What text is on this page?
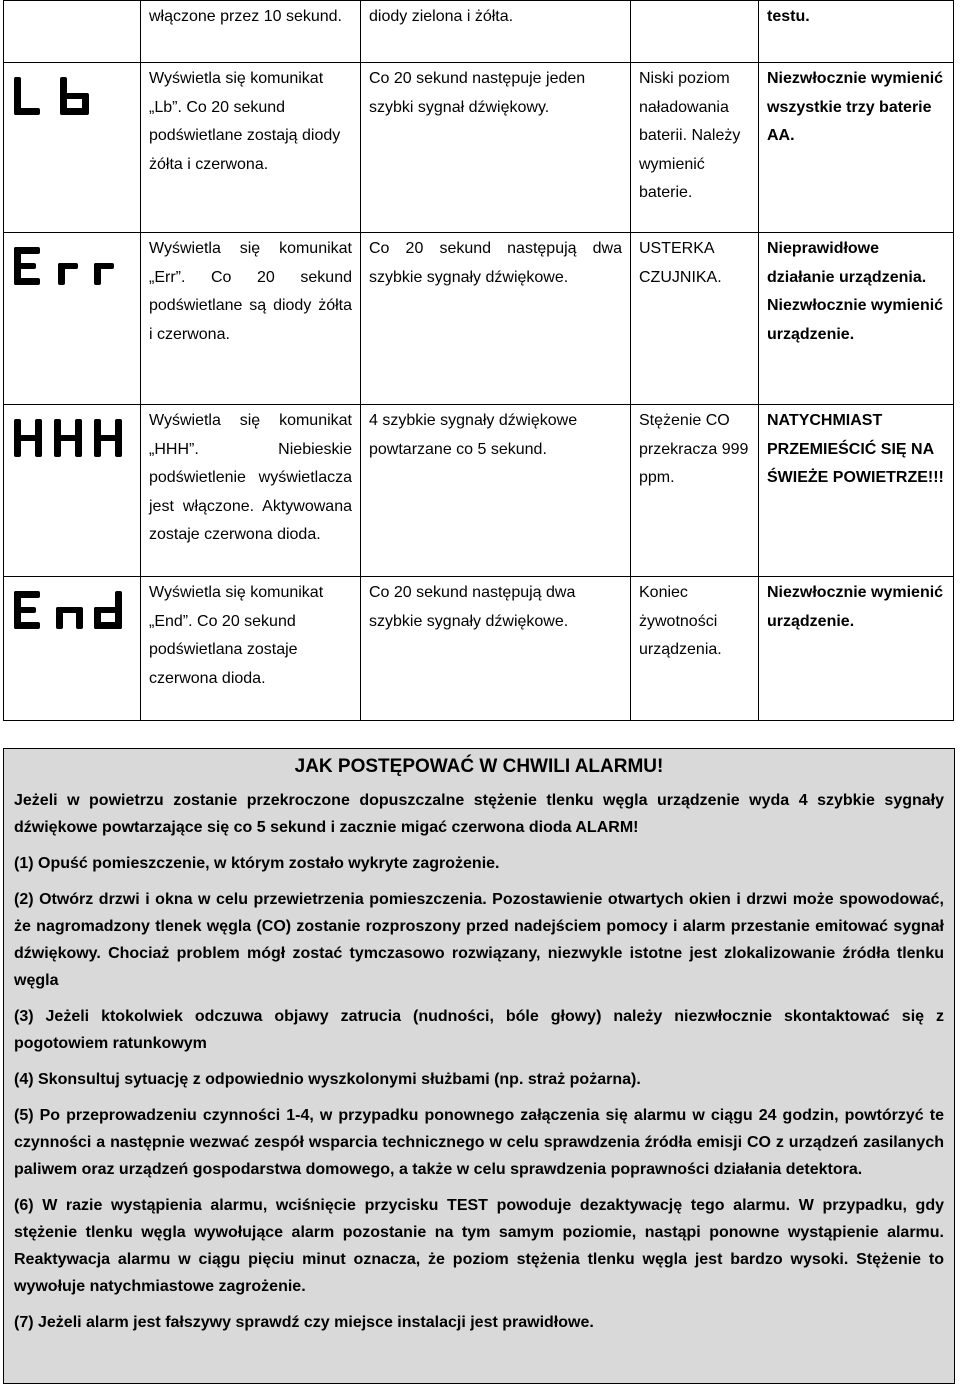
	włączone przez 10 sekund.	diody zielona i żółta.		testu.

	Wyświetla się komunikat „Lb”. Co 20 sekund podświetlane zostają diody żółta i czerwona.	Co 20 sekund następuje jeden szybki sygnał dźwiękowy.	Niski poziom naładowania baterii. Należy wymienić baterie.	Niezwłocznie wymienić wszystkie trzy baterie AA.

	Wyświetla się komunikat „Err”. Co 20 sekund podświetlane są diody żółta i czerwona.	Co 20 sekund następują dwa szybkie sygnały dźwiękowe.	USTERKA CZUJNIKA.	Nieprawidłowe działanie urządzenia. Niezwłocznie wymienić urządzenie.

	Wyświetla się komunikat „HHH”. Niebieskie podświetlenie wyświetlacza jest włączone. Aktywowana zostaje czerwona dioda.	4 szybkie sygnały dźwiękowe powtarzane co 5 sekund.	Stężenie CO przekracza 999 ppm.	NATYCHMIAST PRZEMIEŚCIĆ SIĘ NA ŚWIEŻE POWIETRZE!!!

	Wyświetla się komunikat „End”. Co 20 sekund podświetlana zostaje czerwona dioda.	Co 20 sekund następują dwa szybkie sygnały dźwiękowe.	Koniec żywotności urządzenia.	Niezwłocznie wymienić urządzenie.
JAK POSTĘPOWAĆ W CHWILI ALARMU!

Jeżeli w powietrzu zostanie przekroczone dopuszczalne stężenie tlenku węgla urządzenie wyda 4 szybkie sygnały dźwiękowe powtarzające się co 5 sekund i zacznie migać czerwona dioda ALARM!

(1) Opuść pomieszczenie, w którym zostało wykryte zagrożenie.

(2) Otwórz drzwi i okna w celu przewietrzenia pomieszczenia. Pozostawienie otwartych okien i drzwi może spowodować, że nagromadzony tlenek węgla (CO) zostanie rozproszony przed nadejściem pomocy i alarm przestanie emitować sygnał dźwiękowy. Chociaż problem mógł zostać tymczasowo rozwiązany, niezwykle istotne jest zlokalizowanie źródła tlenku węgla

(3) Jeżeli ktokolwiek odczuwa objawy zatrucia (nudności, bóle głowy) należy niezwłocznie skontaktować się z pogotowiem ratunkowym

(4) Skonsultuj sytuację z odpowiednio wyszkolonymi służbami (np. straż pożarna).

(5) Po przeprowadzeniu czynności 1-4, w przypadku ponownego załączenia się alarmu w ciągu 24 godzin, powtórzyć te czynności a następnie wezwać zespół wsparcia technicznego w celu sprawdzenia źródła emisji CO z urządzeń zasilanych paliwem oraz urządzeń gospodarstwa domowego, a także w celu sprawdzenia poprawności działania detektora.

(6) W razie wystąpienia alarmu, wciśnięcie przycisku TEST powoduje dezaktywację tego alarmu. W przypadku, gdy stężenie tlenku węgla wywołujące alarm pozostanie na tym samym poziomie, nastąpi ponowne wystąpienie alarmu. Reaktywacja alarmu w ciągu pięciu minut oznacza, że poziom stężenia tlenku węgla jest bardzo wysoki. Stężenie to wywołuje natychmiastowe zagrożenie.

(7) Jeżeli alarm jest fałszywy sprawdź czy miejsce instalacji jest prawidłowe.
